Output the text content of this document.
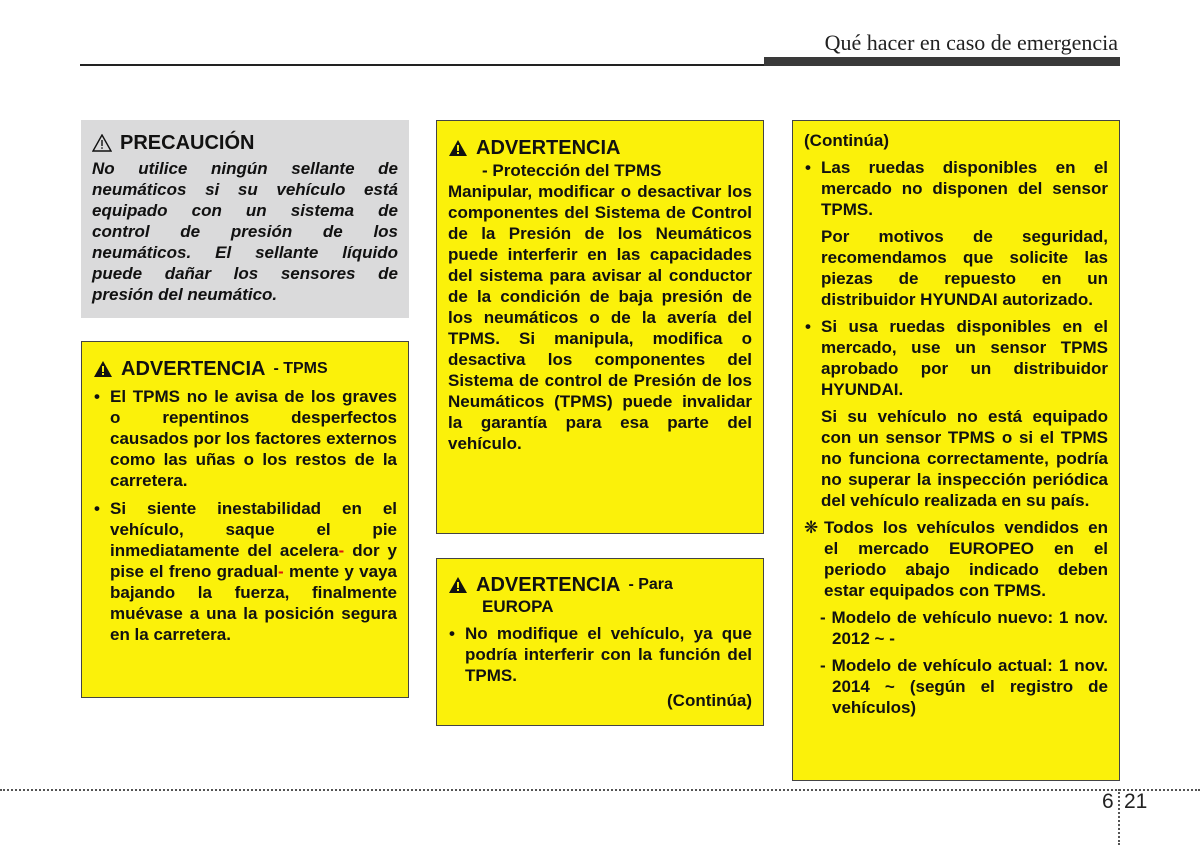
Qué hacer en caso de emergencia
PRECAUCIÓN
No utilice ningún sellante de
neumáticos si su vehículo está
equipado con un sistema de
control de presión de los
neumáticos. El sellante líquido
puede dañar los sensores de
presión del neumático.
ADVERTENCIA - TPMS
• El TPMS no le avisa de los graves o repentinos desperfectos causados por los factores externos como las uñas o los restos de la carretera.
• Si siente inestabilidad en el vehículo, saque el pie inmediatamente del acelera- dor y pise el freno gradual- mente y vaya bajando la fuerza, finalmente muévase a una la posición segura en la carretera.
ADVERTENCIA
- Protección del TPMS
Manipular, modificar o desactivar los componentes del Sistema de Control de la Presión de los Neumáticos puede interferir en las capacidades del sistema para avisar al conductor de la condición de baja presión de los neumáticos o de la avería del TPMS. Si manipula, modifica o desactiva los componentes del Sistema de control de Presión de los Neumáticos (TPMS) puede invalidar la garantía para esa parte del vehículo.
ADVERTENCIA - Para
EUROPA
• No modifique el vehículo, ya que podría interferir con la función del TPMS.
(Continúa)
(Continúa)
• Las ruedas disponibles en el mercado no disponen del sensor TPMS.
Por motivos de seguridad, recomendamos que solicite las piezas de repuesto en un distribuidor HYUNDAI autorizado.
• Si usa ruedas disponibles en el mercado, use un sensor TPMS aprobado por un distribuidor HYUNDAI.
Si su vehículo no está equipado con un sensor TPMS o si el TPMS no funciona correctamente, podría no superar la inspección periódica del vehículo realizada en su país.
❋ Todos los vehículos vendidos en el mercado EUROPEO en el periodo abajo indicado deben estar equipados con TPMS.
- Modelo de vehículo nuevo: 1 nov. 2012 ~ -
- Modelo de vehículo actual: 1 nov. 2014 ~ (según el registro de vehículos)
6 21
